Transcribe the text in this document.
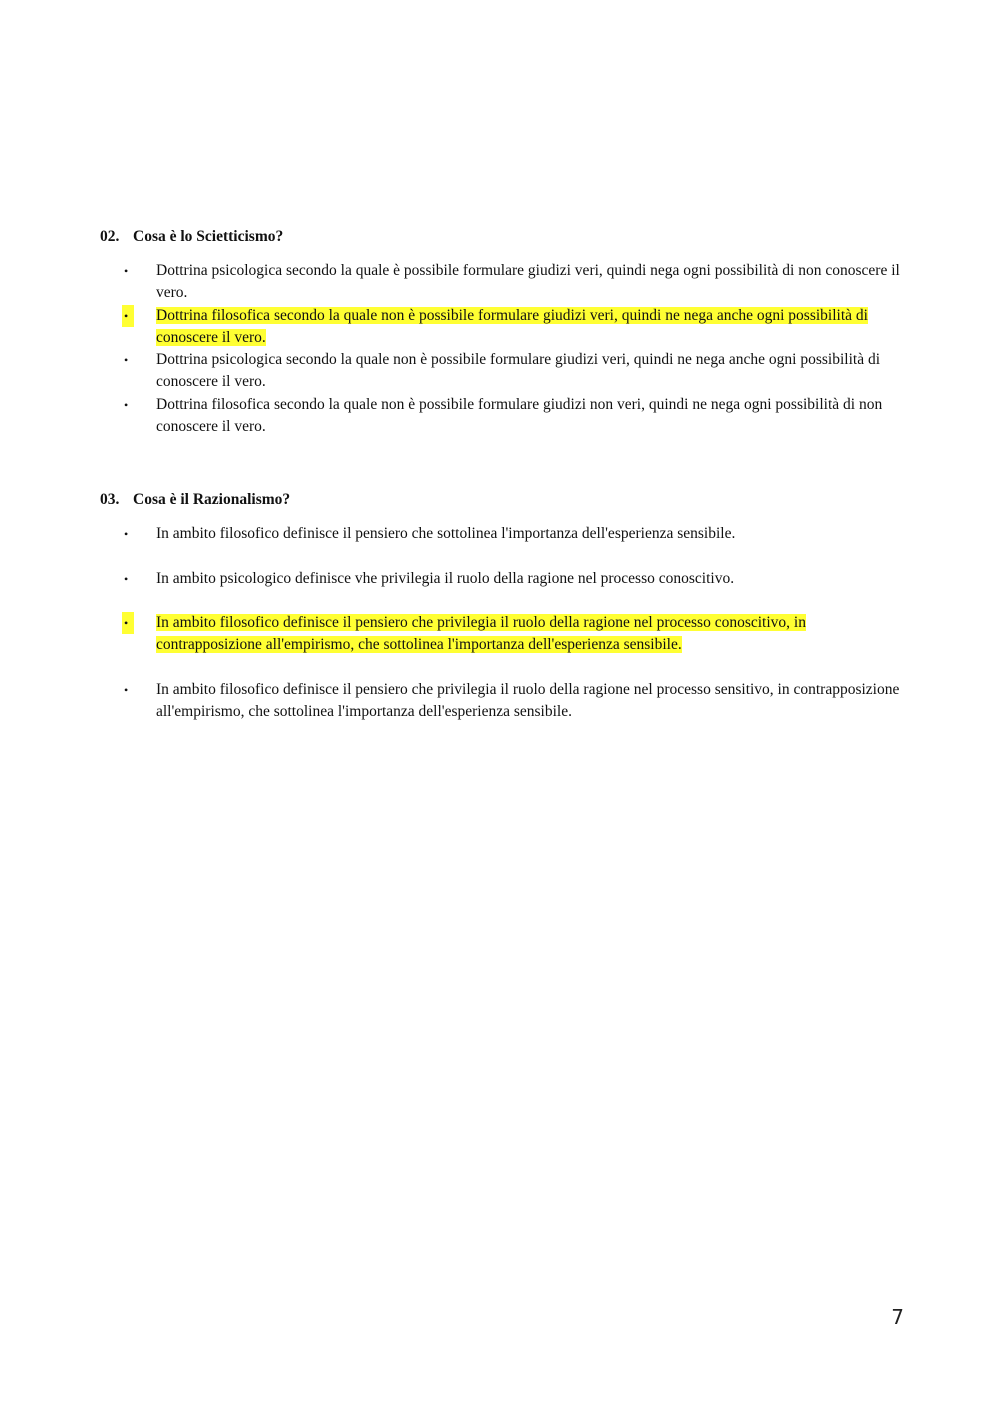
02. Cosa è lo Scietticismo?
•	Dottrina psicologica secondo la quale è possibile formulare giudizi veri, quindi nega ogni possibilità di non conoscere il vero.
•	Dottrina filosofica secondo la quale non è possibile formulare giudizi veri, quindi ne nega anche ogni possibilità di conoscere il vero.
•	Dottrina psicologica secondo la quale non è possibile formulare giudizi veri, quindi ne nega anche ogni possibilità di conoscere il vero.
•	Dottrina filosofica secondo la quale non è possibile formulare giudizi non veri, quindi ne nega ogni possibilità di non conoscere il vero.
03. Cosa è il Razionalismo?
•	In ambito filosofico definisce il pensiero che sottolinea l'importanza dell'esperienza sensibile.
•	In ambito psicologico definisce vhe privilegia il ruolo della ragione nel processo conoscitivo.
•	In ambito filosofico definisce il pensiero che privilegia il ruolo della ragione nel processo conoscitivo, in contrapposizione all'empirismo, che sottolinea l'importanza dell'esperienza sensibile.
•	In ambito filosofico definisce il pensiero che privilegia il ruolo della ragione nel processo sensitivo, in contrapposizione all'empirismo, che sottolinea l'importanza dell'esperienza sensibile.
7
